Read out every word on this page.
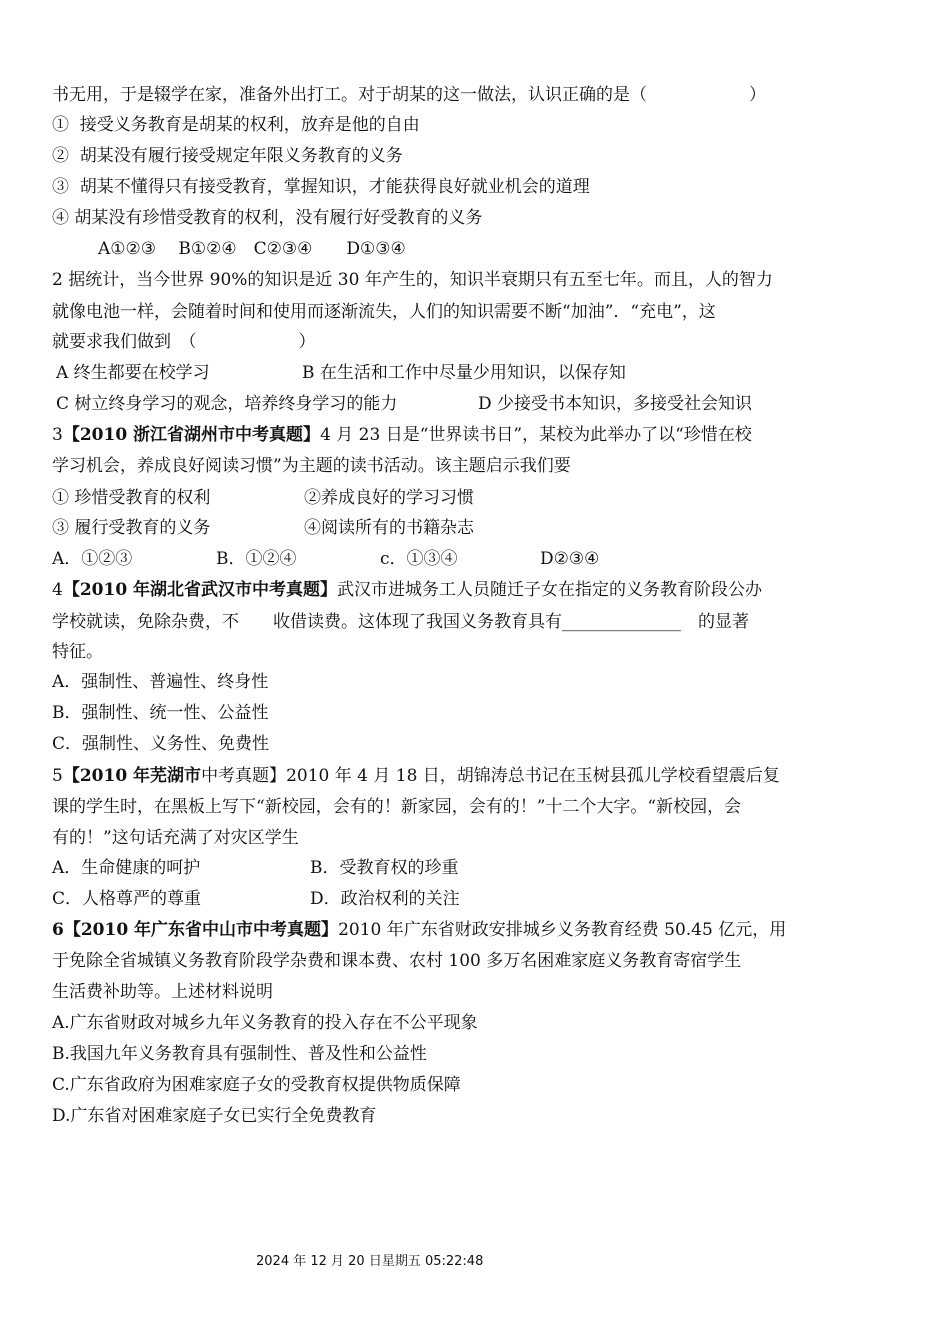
书无用，于是辍学在家，准备外出打工。对于胡某的这一做法，认识正确的是（　　　　　　）
①  接受义务教育是胡某的权利，放弃是他的自由
②  胡某没有履行接受规定年限义务教育的义务
③  胡某不懂得只有接受教育，掌握知识，才能获得良好就业机会的道理
④ 胡某没有珍惜受教育的权利，没有履行好受教育的义务
A①②③　 B①②④　C②③④　　D①③④
2 据统计，当今世界 90%的知识是近 30 年产生的，知识半衰期只有五至七年。而且，人的智力
就像电池一样，会随着时间和使用而逐渐流失，人们的知识需要不断“加油”．“充电”，这
就要求我们做到　（　　　　　　）
A 终生都要在校学习	B 在生活和工作中尽量少用知识，以保存知
C 树立终身学习的观念，培养终身学习的能力	D 少接受书本知识，多接受社会知识
3【2010 浙江省湖州市中考真题】4 月 23 日是“世界读书日”，某校为此举办了以“珍惜在校
学习机会，养成良好阅读习惯”为主题的读书活动。该主题启示我们要
① 珍惜受教育的权利	②养成良好的学习习惯
③ 履行受教育的义务	④阅读所有的书籍杂志
A．①②③	B．①②④	c．①③④	D②③④
4【2010 年湖北省武汉市中考真题】武汉市进城务工人员随迁子女在指定的义务教育阶段公办
学校就读，免除杂费，不　　收借读费。这体现了我国义务教育具有______________　的显著
特征。
A．强制性、普遍性、终身性
B．强制性、统一性、公益性
C．强制性、义务性、免费性
5【2010 年芜湖市中考真题】2010 年 4 月 18 日，胡锦涛总书记在玉树县孤儿学校看望震后复
课的学生时，在黑板上写下“新校园，会有的！新家园，会有的！”十二个大字。“新校园，会
有的！”这句话充满了对灾区学生
A．生命健康的呵护	B．受教育权的珍重
C．人格尊严的尊重	D．政治权利的关注
6【2010 年广东省中山市中考真题】2010 年广东省财政安排城乡义务教育经费 50.45 亿元，用
于免除全省城镇义务教育阶段学杂费和课本费、农村 100 多万名困难家庭义务教育寄宿学生
生活费补助等。上述材料说明
A.广东省财政对城乡九年义务教育的投入存在不公平现象
B.我国九年义务教育具有强制性、普及性和公益性
C.广东省政府为困难家庭子女的受教育权提供物质保障
D.广东省对困难家庭子女已实行全免费教育
2024 年 12 月 20 日星期五 05:22:48
